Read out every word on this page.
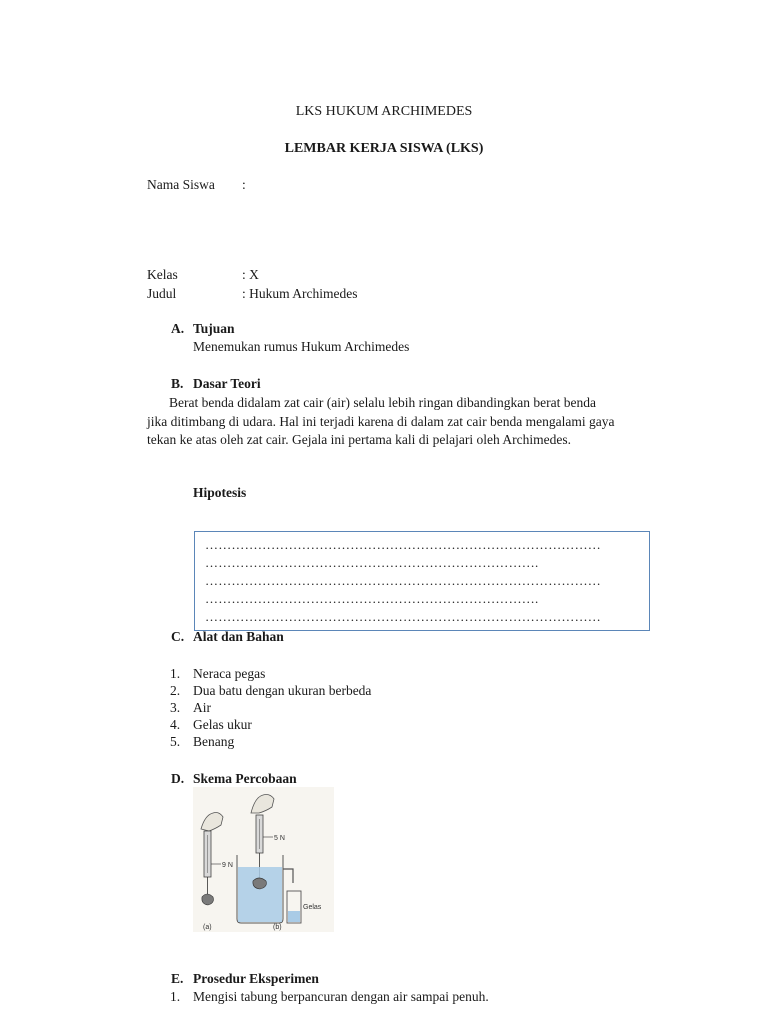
LKS HUKUM ARCHIMEDES
LEMBAR KERJA SISWA (LKS)
Nama Siswa :
Kelas	: X
Judul	: Hukum Archimedes
A. Tujuan
Menemukan rumus Hukum Archimedes
B. Dasar Teori
Berat benda didalam zat cair (air) selalu lebih ringan dibandingkan berat benda jika ditimbang di udara. Hal ini terjadi karena di dalam zat cair benda mengalami gaya tekan ke atas oleh zat cair. Gejala ini pertama kali di pelajari oleh Archimedes.
Hipotesis
………………………………………………………………………………
………………………………………………………………….
………………………………………………………………………………
………………………………………………………………….
………………………………………………………………………………
C. Alat dan Bahan
1. Neraca pegas
2. Dua batu dengan ukuran berbeda
3. Air
4. Gelas ukur
5. Benang
D. Skema Percobaan
9 N
5 N
Gelas
(a)	(b)
E. Prosedur Eksperimen
1. Mengisi tabung berpancuran dengan air sampai penuh.
